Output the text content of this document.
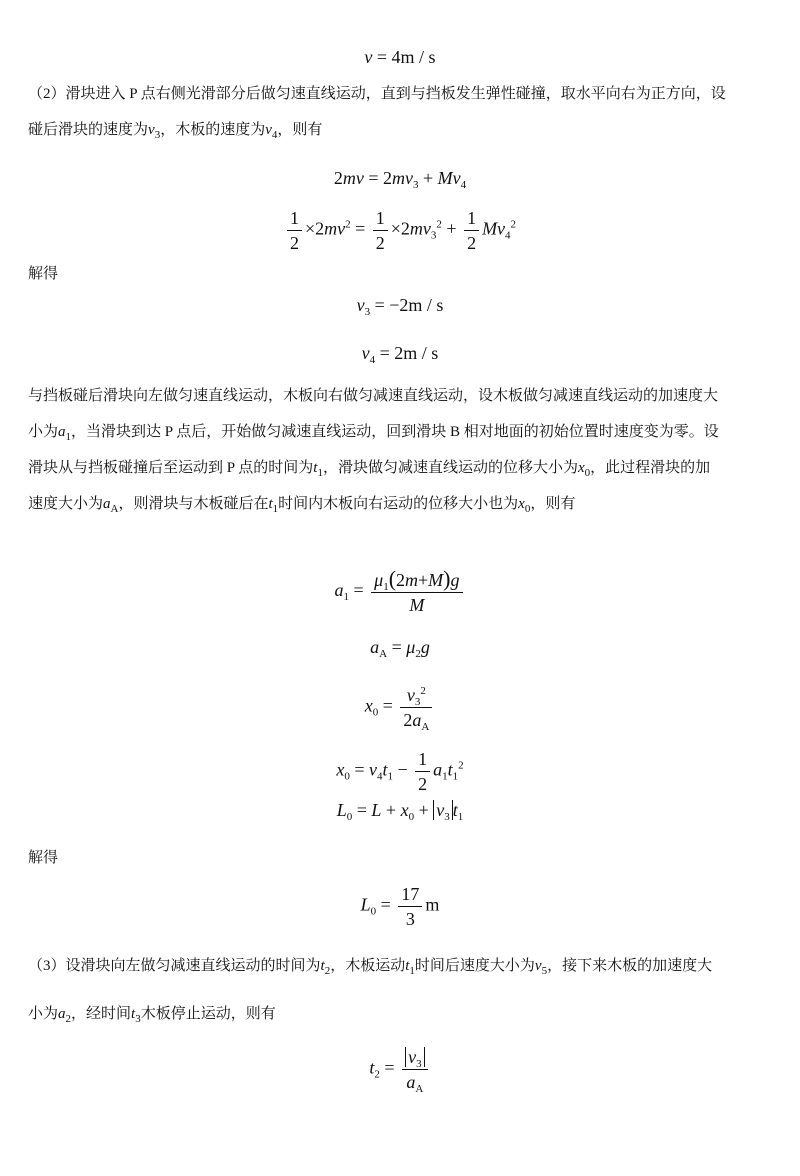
v = 4m / s
（2）滑块进入 P 点右侧光滑部分后做匀速直线运动，直到与挡板发生弹性碰撞，取水平向右为正方向，设
碰后滑块的速度为$v_3$，木板的速度为$v_4$，则有
$2mv = 2mv_3 + Mv_4$
$\frac{1}{2} \times 2mv^2 = \frac{1}{2} \times 2mv_3^2 + \frac{1}{2} Mv_4^2$
解得
$v_3 = -2m / s$
$v_4 = 2m / s$
与挡板碰后滑块向左做匀速直线运动，木板向右做匀减速直线运动，设木板做匀减速直线运动的加速度大
小为$a_1$，当滑块到达 P 点后，开始做匀减速直线运动，回到滑块 B 相对地面的初始位置时速度变为零。设
滑块从与挡板碰撞后至运动到 P 点的时间为$t_1$，滑块做匀减速直线运动的位移大小为$x_0$，此过程滑块的加
速度大小为$a_A$，则滑块与木板碰后在$t_1$时间内木板向右运动的位移大小也为$x_0$，则有
$a_1 = \frac{\mu_1(2m+M)g}{M}$
$a_A = \mu_2g$
$x_0 = \frac{v_3^2}{2a_A}$
$x_0 = v_4t_1 - \frac{1}{2} a_1t_1^2$
$L_0 = L + x_0 + v_3$ $t_1$
解得
$L_0 = \frac{17}{3}$ m
（3）设滑块向左做匀减速直线运动的时间为$t_2$，木板运动$t_1$时间后速度大小为$v_5$，接下来木板的加速度大
小为$a_2$，经时间$t_3$木板停止运动，则有
$t_2 = \frac{v_3}{a_A}$
